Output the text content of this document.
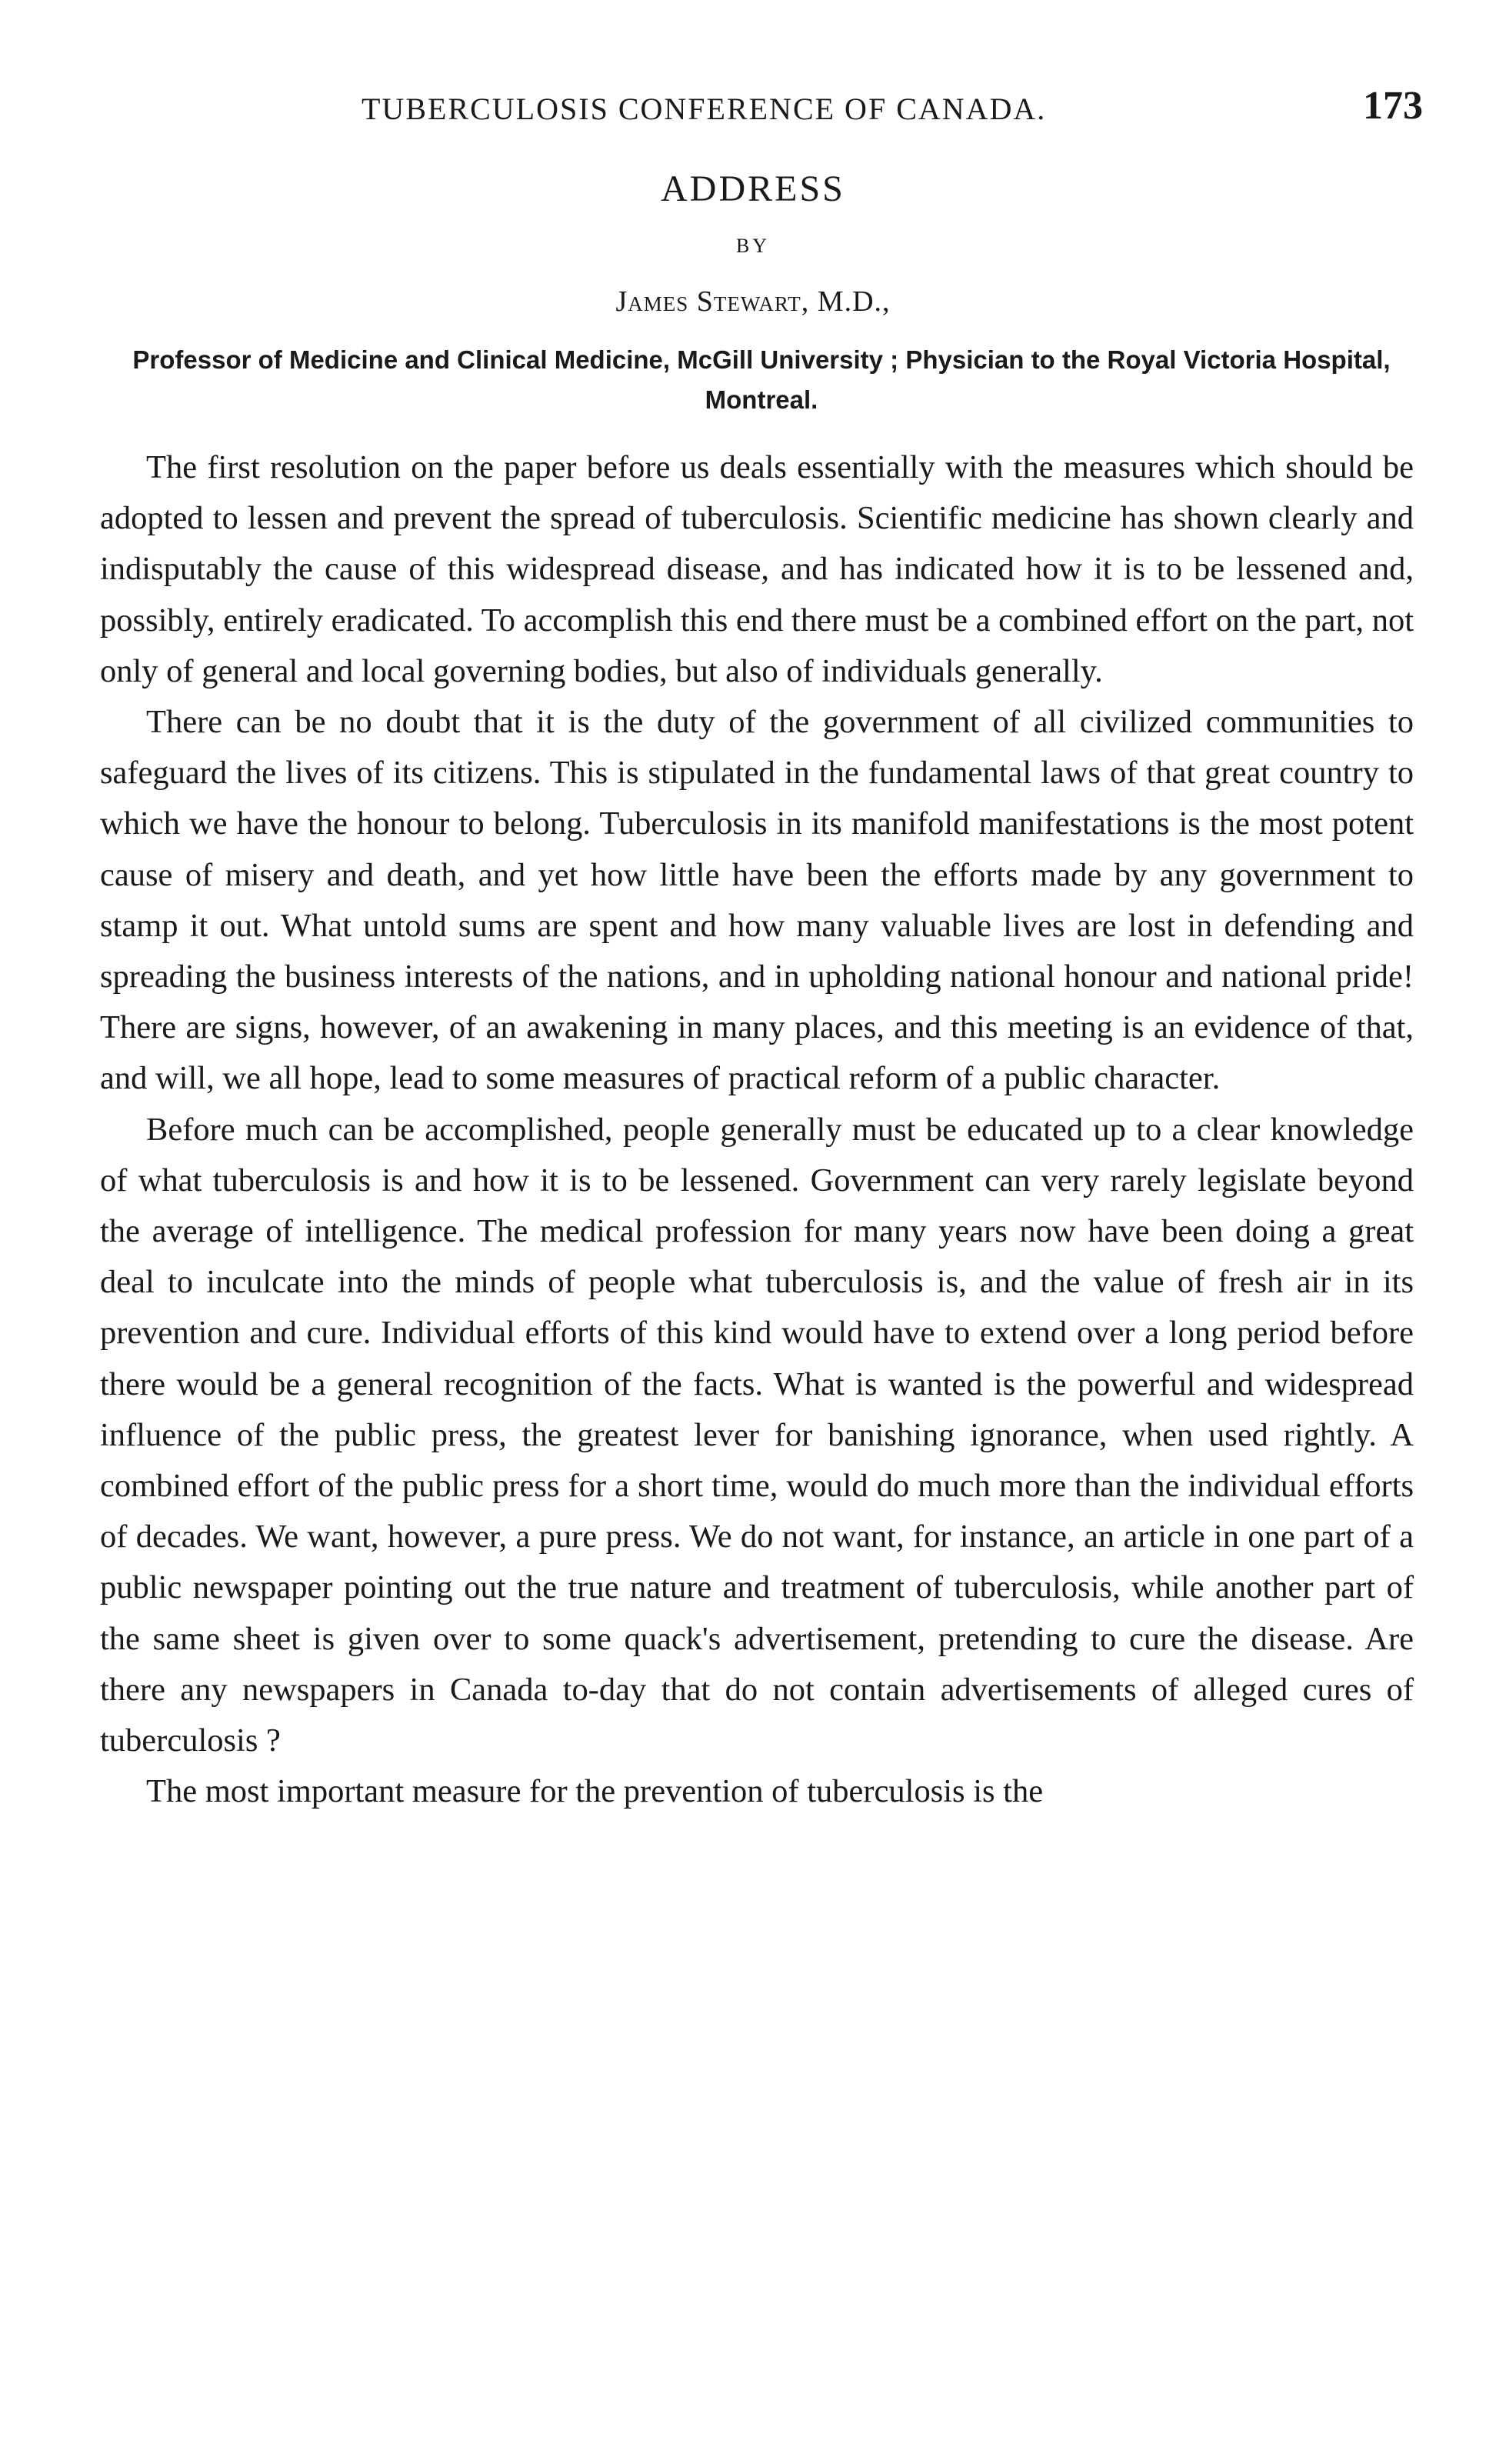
TUBERCULOSIS CONFERENCE OF CANADA.	173
ADDRESS
BY
James Stewart, M.D.,
Professor of Medicine and Clinical Medicine, McGill University ; Physician to the Royal Victoria Hospital, Montreal.

The first resolution on the paper before us deals essentially with the measures which should be adopted to lessen and prevent the spread of tuberculosis. Scientific medicine has shown clearly and indisputably the cause of this widespread disease, and has indicated how it is to be lessened and, possibly, entirely eradicated. To accomplish this end there must be a combined effort on the part, not only of general and local governing bodies, but also of individuals generally.

There can be no doubt that it is the duty of the government of all civilized communities to safeguard the lives of its citizens. This is stipulated in the fundamental laws of that great country to which we have the honour to belong. Tuberculosis in its manifold manifestations is the most potent cause of misery and death, and yet how little have been the efforts made by any government to stamp it out. What untold sums are spent and how many valuable lives are lost in defending and spreading the business interests of the nations, and in upholding national honour and national pride! There are signs, however, of an awakening in many places, and this meeting is an evidence of that, and will, we all hope, lead to some measures of practical reform of a public character.

Before much can be accomplished, people generally must be educated up to a clear knowledge of what tuberculosis is and how it is to be lessened. Government can very rarely legislate beyond the average of intelligence. The medical profession for many years now have been doing a great deal to inculcate into the minds of people what tuberculosis is, and the value of fresh air in its prevention and cure. Individual efforts of this kind would have to extend over a long period before there would be a general recognition of the facts. What is wanted is the powerful and widespread influence of the public press, the greatest lever for banishing ignorance, when used rightly. A combined effort of the public press for a short time, would do much more than the individual efforts of decades. We want, however, a pure press. We do not want, for instance, an article in one part of a public newspaper pointing out the true nature and treatment of tuberculosis, while another part of the same sheet is given over to some quack's advertisement, pretending to cure the disease. Are there any newspapers in Canada to-day that do not contain advertisements of alleged cures of tuberculosis ?

The most important measure for the prevention of tuberculosis is the
